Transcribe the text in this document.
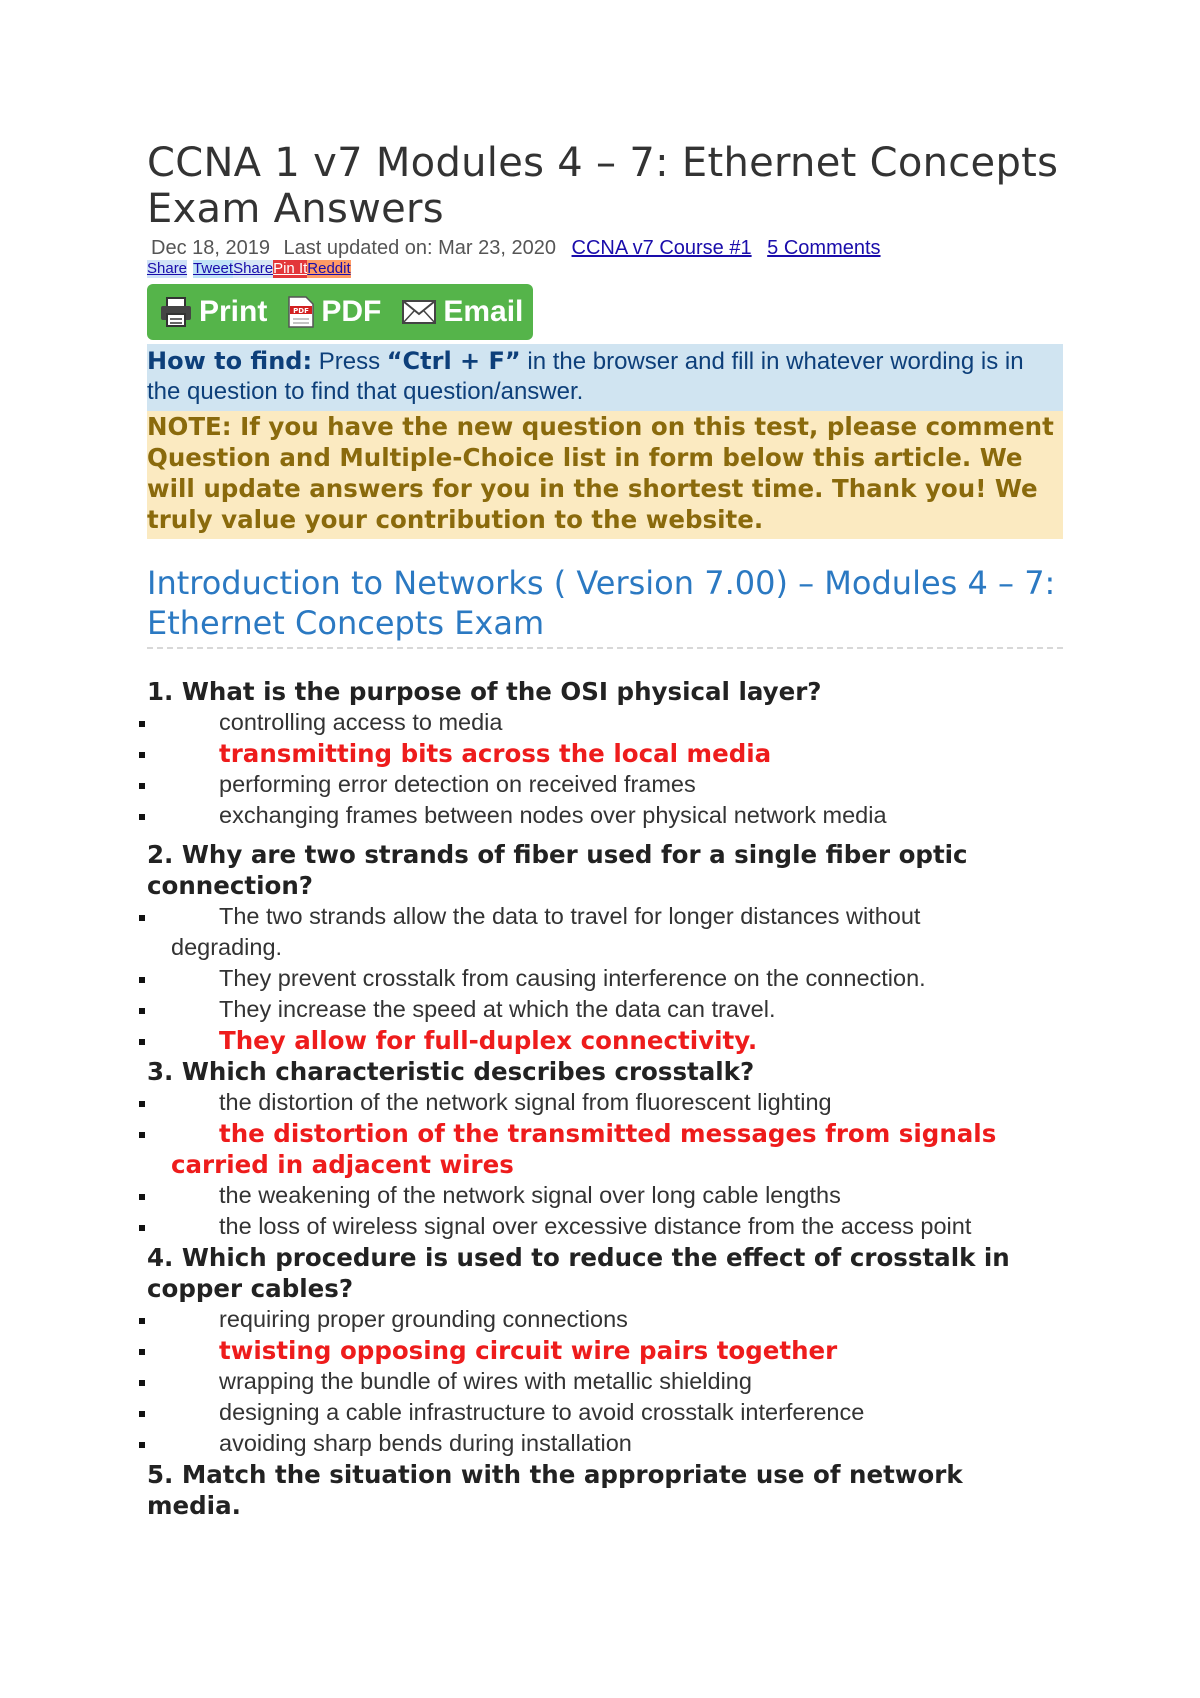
CCNA 1 v7 Modules 4 – 7: Ethernet Concepts Exam Answers
Dec 18, 2019 Last updated on: Mar 23, 2020 CCNA v7 Course #1 5 Comments
Share TweetSharePin ItReddit
Print	PDF PDF Email
How to find: Press “Ctrl + F” in the browser and fill in whatever wording is in the question to find that question/answer.
NOTE: If you have the new question on this test, please comment Question and Multiple-Choice list in form below this article. We will update answers for you in the shortest time. Thank you! We truly value your contribution to the website.
Introduction to Networks ( Version 7.00) – Modules 4 – 7: Ethernet Concepts Exam
1. What is the purpose of the OSI physical layer?
controlling access to media
transmitting bits across the local media
performing error detection on received frames
exchanging frames between nodes over physical network media
2. Why are two strands of fiber used for a single fiber optic connection?
The two strands allow the data to travel for longer distances without
degrading.
They prevent crosstalk from causing interference on the connection.
They increase the speed at which the data can travel.
They allow for full-duplex connectivity.
3. Which characteristic describes crosstalk?
the distortion of the network signal from fluorescent lighting
the distortion of the transmitted messages from signals
carried in adjacent wires
the weakening of the network signal over long cable lengths
the loss of wireless signal over excessive distance from the access point
4. Which procedure is used to reduce the effect of crosstalk in copper cables?
requiring proper grounding connections
twisting opposing circuit wire pairs together
wrapping the bundle of wires with metallic shielding
designing a cable infrastructure to avoid crosstalk interference
avoiding sharp bends during installation
5. Match the situation with the appropriate use of network media.
